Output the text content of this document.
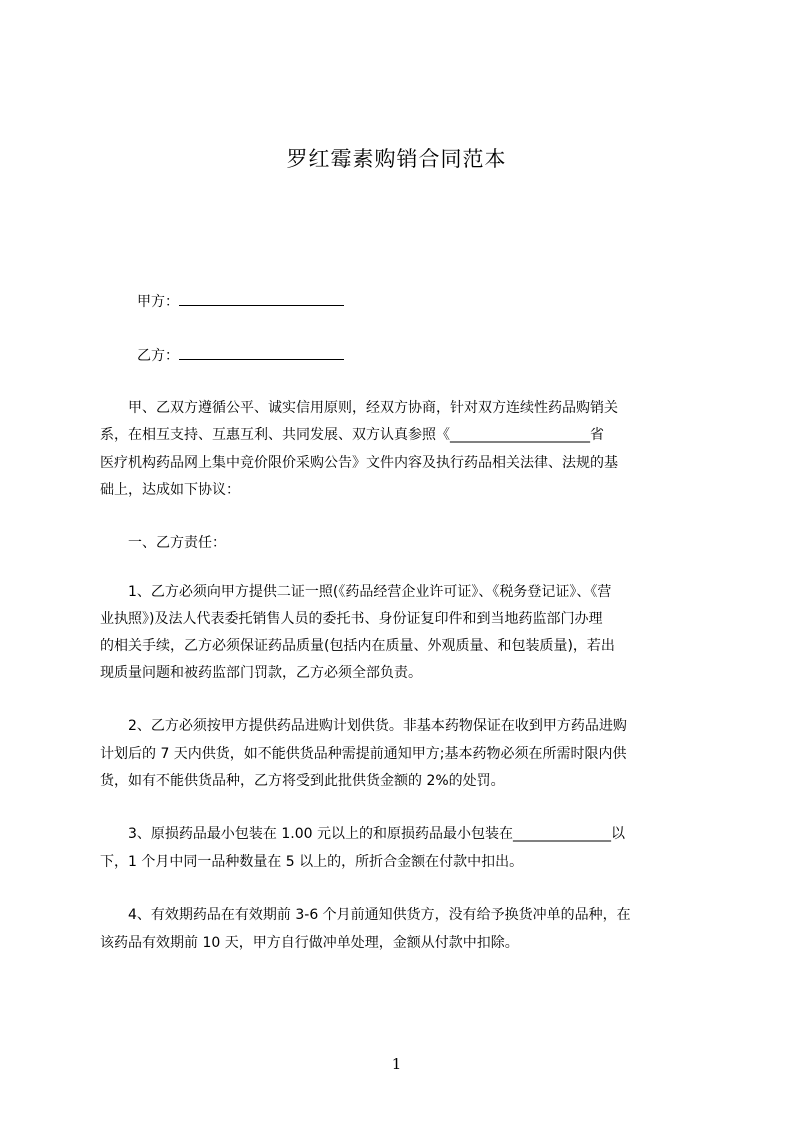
罗红霉素购销合同范本
甲方：
乙方：
　　甲、乙双方遵循公平、诚实信用原则，经双方协商，针对双方连续性药品购销关
系，在相互支持、互惠互利、共同发展、双方认真参照《____________________省
医疗机构药品网上集中竞价限价采购公告》文件内容及执行药品相关法律、法规的基
础上，达成如下协议：
　　一、乙方责任：
　　1、乙方必须向甲方提供二证一照(《药品经营企业许可证》、《税务登记证》、《营
业执照》)及法人代表委托销售人员的委托书、身份证复印件和到当地药监部门办理
的相关手续，乙方必须保证药品质量(包括内在质量、外观质量、和包装质量)，若出
现质量问题和被药监部门罚款，乙方必须全部负责。
　　2、乙方必须按甲方提供药品进购计划供货。非基本药物保证在收到甲方药品进购
计划后的 7 天内供货，如不能供货品种需提前通知甲方;基本药物必须在所需时限内供
货，如有不能供货品种，乙方将受到此批供货金额的 2%的处罚。
　　3、原损药品最小包装在 1.00 元以上的和原损药品最小包装在______________以
下，1 个月中同一品种数量在 5 以上的，所折合金额在付款中扣出。
　　4、有效期药品在有效期前 3-6 个月前通知供货方，没有给予换货冲单的品种，在
该药品有效期前 10 天，甲方自行做冲单处理，金额从付款中扣除。
1
